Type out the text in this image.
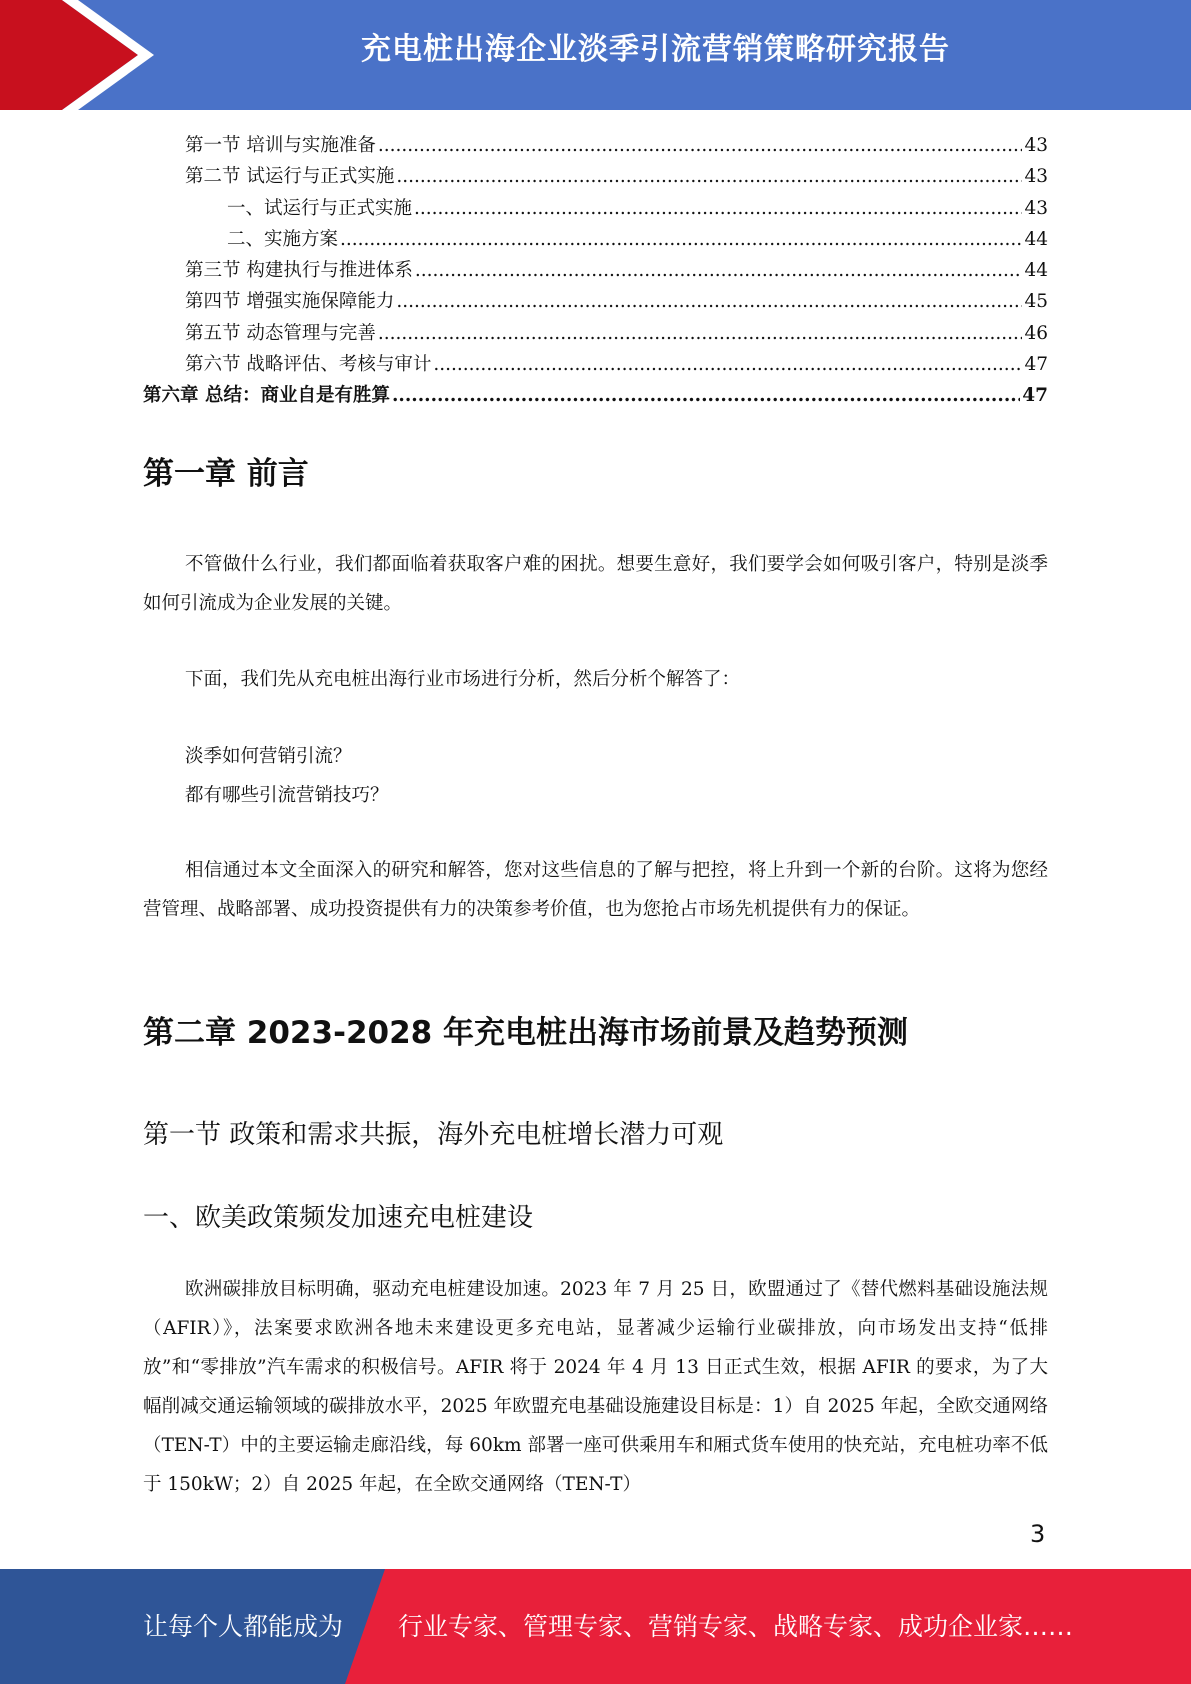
充电桩出海企业淡季引流营销策略研究报告
第一节 培训与实施准备 .....	43
第二节 试运行与正式实施 .....	43
一、试运行与正式实施 .....	43
二、实施方案 .....	44
第三节 构建执行与推进体系 .....	44
第四节 增强实施保障能力 .....	45
第五节 动态管理与完善 .....	46
第六节 战略评估、考核与审计 .....	47
第六章 总结：商业自是有胜算 .....	47
第一章 前言
不管做什么行业，我们都面临着获取客户难的困扰。想要生意好，我们要学会如何吸引客户，特别是淡季如何引流成为企业发展的关键。
下面，我们先从充电桩出海行业市场进行分析，然后分析个解答了：
淡季如何营销引流？
都有哪些引流营销技巧？
相信通过本文全面深入的研究和解答，您对这些信息的了解与把控，将上升到一个新的台阶。这将为您经营管理、战略部署、成功投资提供有力的决策参考价值，也为您抢占市场先机提供有力的保证。
第二章 2023-2028 年充电桩出海市场前景及趋势预测
第一节 政策和需求共振，海外充电桩增长潜力可观
一、欧美政策频发加速充电桩建设
欧洲碳排放目标明确，驱动充电桩建设加速。2023 年 7 月 25 日，欧盟通过了《替代燃料基础设施法规（AFIR）》，法案要求欧洲各地未来建设更多充电站，显著减少运输行业碳排放，向市场发出支持“低排放”和“零排放”汽车需求的积极信号。AFIR 将于 2024 年 4 月 13 日正式生效，根据 AFIR 的要求，为了大幅削减交通运输领域的碳排放水平，2025 年欧盟充电基础设施建设目标是：1）自 2025 年起，全欧交通网络（TEN-T）中的主要运输走廊沿线，每 60km 部署一座可供乘用车和厢式货车使用的快充站，充电桩功率不低于 150kW；2）自 2025 年起，在全欧交通网络（TEN-T）
3
让每个人都能成为 行业专家、管理专家、营销专家、战略专家、成功企业家……
